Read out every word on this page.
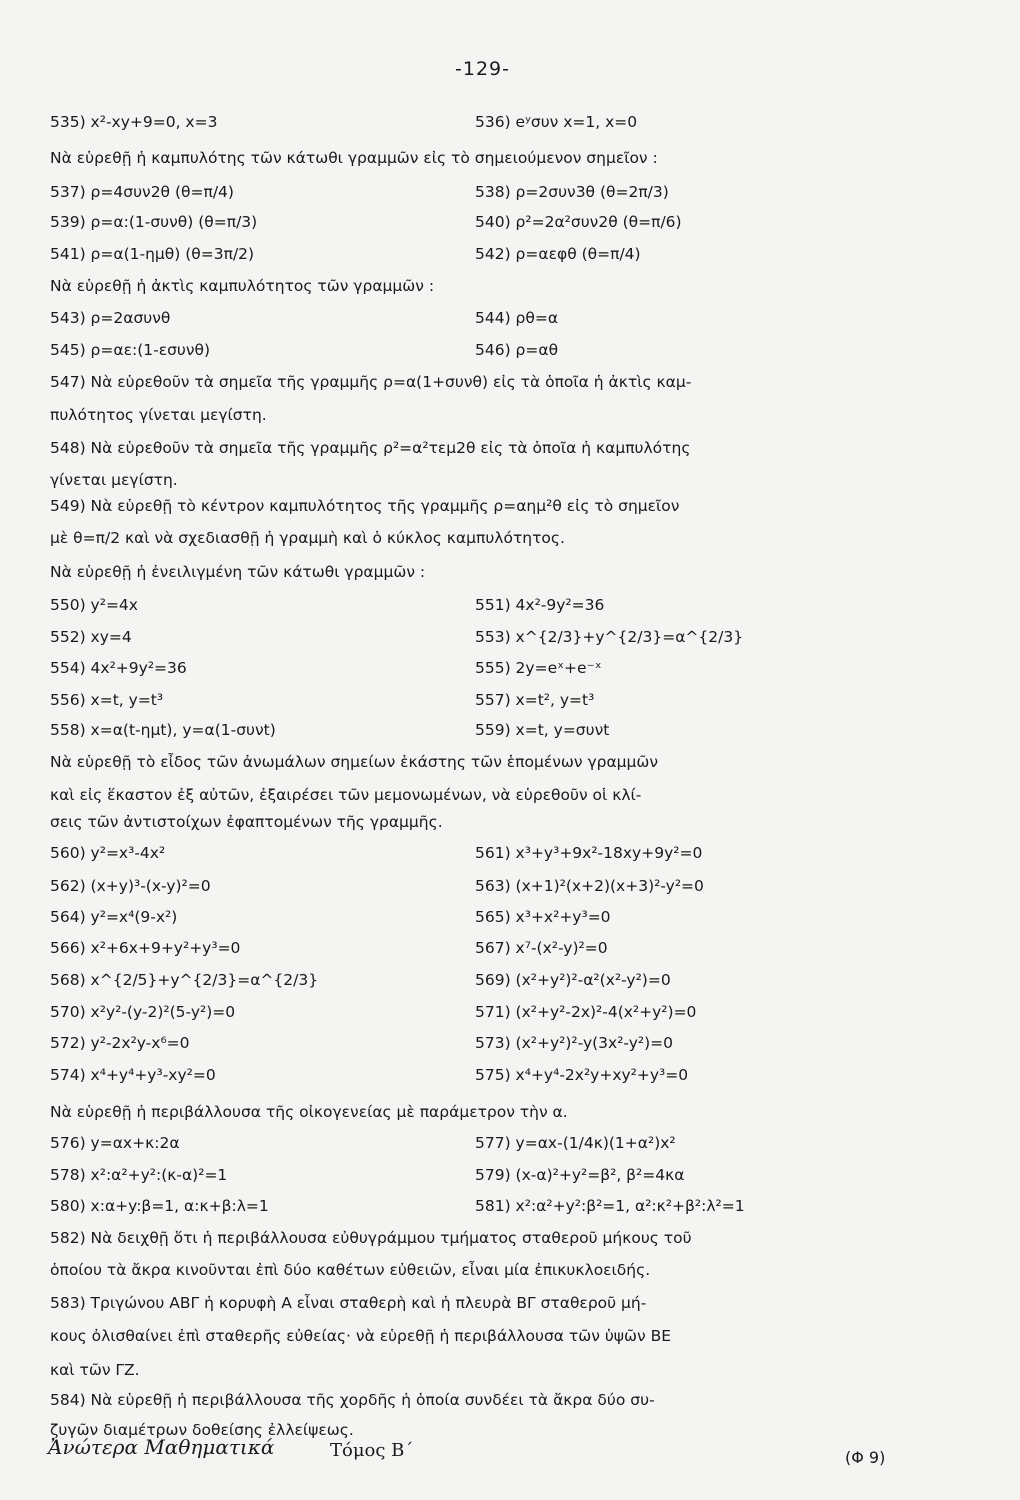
-129-
535) x²-xy+9=0, x=3	536) eʸσυν x=1, x=0
Νὰ εὑρεθῇ ἡ καμπυλότης τῶν κάτωθι γραμμῶν εἰς τὸ σημειούμενον σημεῖον :
537) ρ=4συν2θ (θ=π/4)	538) ρ=2συν3θ (θ=2π/3)
539) ρ=α:(1-συνθ) (θ=π/3)	540) ρ²=2α²συν2θ (θ=π/6)
541) ρ=α(1-ημθ) (θ=3π/2)	542) ρ=αεφθ (θ=π/4)
Νὰ εὑρεθῇ ἡ ἀκτὶς καμπυλότητος τῶν γραμμῶν :
543) ρ=2ασυνθ	544) ρθ=α
545) ρ=αε:(1-εσυνθ)	546) ρ=αθ
547) Νὰ εὑρεθοῦν τὰ σημεῖα τῆς γραμμῆς ρ=α(1+συνθ) εἰς τὰ ὁποῖα ἡ ἀκτὶς καμ-
πυλότητος γίνεται μεγίστη.
548) Νὰ εὑρεθοῦν τὰ σημεῖα τῆς γραμμῆς ρ²=α²τεμ2θ εἰς τὰ ὁποῖα ἡ καμπυλότης
γίνεται μεγίστη.
549) Νὰ εὑρεθῇ τὸ κέντρον καμπυλότητος τῆς γραμμῆς ρ=αημ²θ εἰς τὸ σημεῖον
μὲ θ=π/2 καὶ νὰ σχεδιασθῇ ἡ γραμμὴ καὶ ὁ κύκλος καμπυλότητος.
Νὰ εὑρεθῇ ἡ ἐνειλιγμένη τῶν κάτωθι γραμμῶν :
550) y²=4x	551) 4x²-9y²=36
552) xy=4	553) x^{2/3}+y^{2/3}=α^{2/3}
554) 4x²+9y²=36	555) 2y=eˣ+e⁻ˣ
556) x=t, y=t³	557) x=t², y=t³
558) x=α(t-ημt), y=α(1-συνt)	559) x=t, y=συνt
Νὰ εὑρεθῇ τὸ εἶδος τῶν ἀνωμάλων σημείων ἑκάστης τῶν ἑπομένων γραμμῶν
καὶ εἰς ἕκαστον ἐξ αὐτῶν, ἐξαιρέσει τῶν μεμονωμένων, νὰ εὑρεθοῦν οἱ κλί-
σεις τῶν ἀντιστοίχων ἐφαπτομένων τῆς γραμμῆς.
560) y²=x³-4x²	561) x³+y³+9x²-18xy+9y²=0
562) (x+y)³-(x-y)²=0	563) (x+1)²(x+2)(x+3)²-y²=0
564) y²=x⁴(9-x²)	565) x³+x²+y³=0
566) x²+6x+9+y²+y³=0	567) x⁷-(x²-y)²=0
568) x^{2/5}+y^{2/3}=α^{2/3}	569) (x²+y²)²-α²(x²-y²)=0
570) x²y²-(y-2)²(5-y²)=0	571) (x²+y²-2x)²-4(x²+y²)=0
572) y²-2x²y-x⁶=0	573) (x²+y²)²-y(3x²-y²)=0
574) x⁴+y⁴+y³-xy²=0	575) x⁴+y⁴-2x²y+xy²+y³=0
Νὰ εὑρεθῇ ἡ περιβάλλουσα τῆς οἰκογενείας μὲ παράμετρον τὴν α.
576) y=αx+κ:2α	577) y=αx-(1/4κ)(1+α²)x²
578) x²:α²+y²:(κ-α)²=1	579) (x-α)²+y²=β², β²=4κα
580) x:α+y:β=1, α:κ+β:λ=1	581) x²:α²+y²:β²=1, α²:κ²+β²:λ²=1
582) Νὰ δειχθῇ ὅτι ἡ περιβάλλουσα εὐθυγράμμου τμήματος σταθεροῦ μήκους τοῦ
ὁποίου τὰ ἄκρα κινοῦνται ἐπὶ δύο καθέτων εὐθειῶν, εἶναι μία ἐπικυκλοειδής.
583) Τριγώνου ΑΒΓ ἡ κορυφὴ Α εἶναι σταθερὴ καὶ ἡ πλευρὰ ΒΓ σταθεροῦ μή-
κους ὀλισθαίνει ἐπὶ σταθερῆς εὐθείας· νὰ εὑρεθῇ ἡ περιβάλλουσα τῶν ὑψῶν ΒΕ
καὶ τῶν ΓΖ.
584) Νὰ εὑρεθῇ ἡ περιβάλλουσα τῆς χορδῆς ἡ ὁποία συνδέει τὰ ἄκρα δύο συ-
ζυγῶν διαμέτρων δοθείσης ἐλλείψεως.
Ἀνώτερα Μαθηματικά	Τόμος Β´	(Φ 9)
